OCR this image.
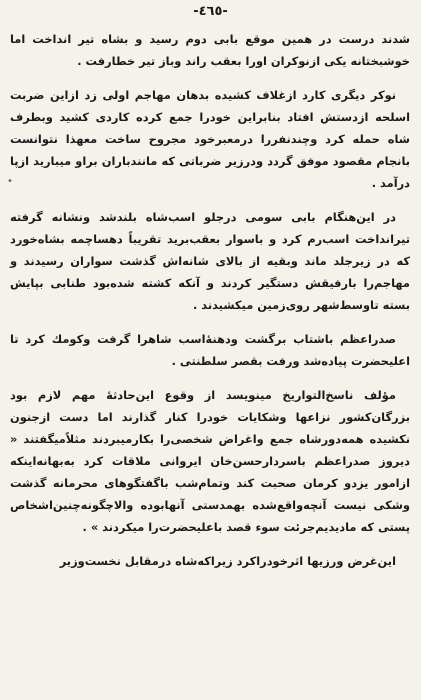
-٤٦٥-
•

شدند درست در همين موقع بابی دوم رسيد و بشاه تير انداخت اما خوشبختانه يكی ازنوكران اورا بعقب راند وباز تير خطارفت .

نوكر ديگری كارد ازغلاف كشيده بدهان مهاجم اولی زد ازاين ضربت اسلحه ازدستش افتاد بنابراين خودرا جمع كرده كاردی كشيد وبطرف شاه حمله كرد وچندنفررا درمعبرخود مجروح ساخت معهذا نتوانست بانجام مقصود موفق گردد ودرزير ضرباتی كه مانندباران براو ميباريد ازپا درآمد .

در اين‌هنگام بابی سومی درجلو اسب‌شاه بلندشد ونشانه گرفته تيرانداخت اسب‌رم كرد و باسوار بعقب‌بريد تقريباً دهساچمه بشاه‌خورد كه در زيرجلد ماند وبقيه از بالای شانه‌اش گذشت سواران رسيدند و مهاجم‌را بارفيقش دستگير كردند و آنكه كشته شده‌بود طنابی بپايش بسته تاوسط‌شهر روی‌زمين ميكشيدند .

صدراعظم باشتاب برگشت ودهنهٔ‌اسب شاهرا گرفت وكومك كرد تا اعليحضرت پياده‌شد ورفت بقصر سلطنتی .

مؤلف ناسخ‌التواريخ مينويسد از وقوع اين‌حادثهٔ مهم لازم بود بزرگان‌كشور نزاعها وشكايات خودرا كنار گذارند اما دست ازجنون نكشيده همه‌دورشاه جمع واغراض شخصی‌را بكارميبردند مثلاًميگفتند « ديروز صدراعظم باسردارحسن‌خان ايروانی ملاقات كرد به‌بهانه‌اينكه ازامور يزدو كرمان صحبت كند وتمام‌شب باگفتگوهای محرمانه گذشت وشكی نيست آنچه‌واقع‌شده بهمدستی آنهابوده والاچگونه‌چنين‌اشخاص پستی كه ماديدیم‌جرئت سوء قصد باعليحضرت‌را ميكردند » .

اين‌غرض ورزيها اثرخودراكرد زيراكه‌شاه درمقابل نخست‌وزير
